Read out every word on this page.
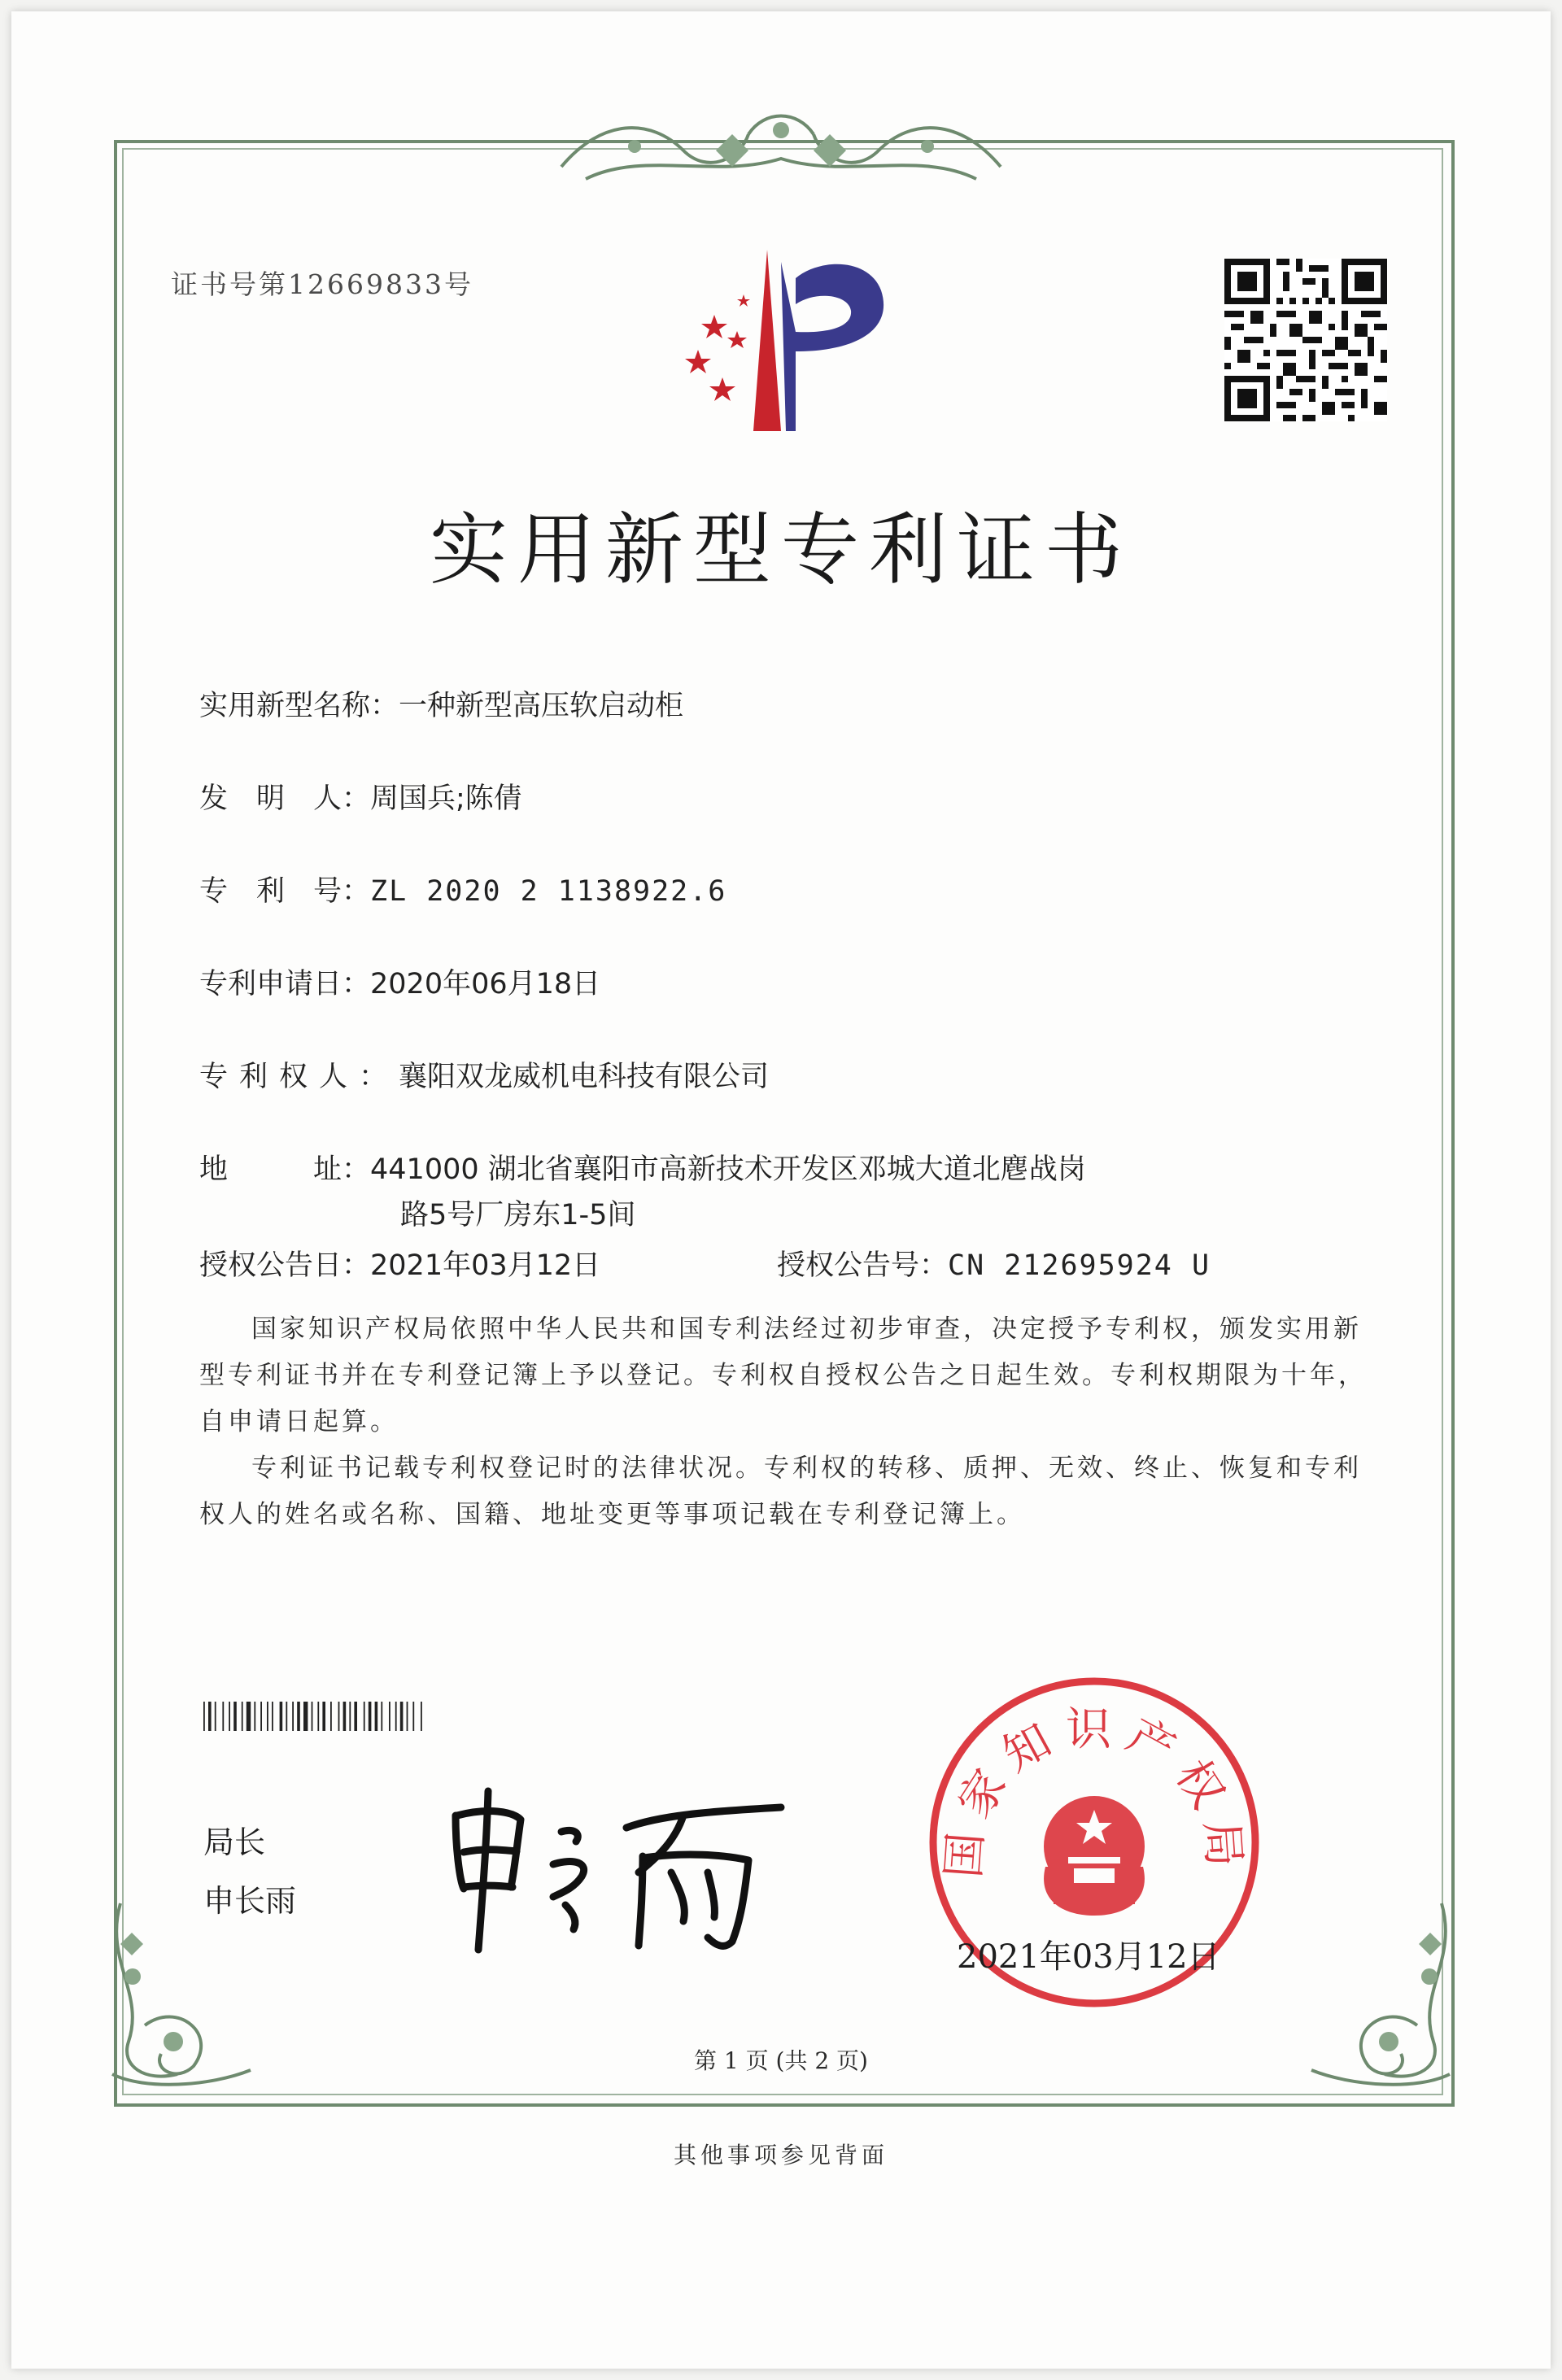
证书号第12669833号
实用新型专利证书
实用新型名称：一种新型高压软启动柜
发　明　人：周国兵;陈倩
专　利　号：ZL 2020 2 1138922.6
专利申请日：2020年06月18日
专利权人：襄阳双龙威机电科技有限公司
地　　　址：441000 湖北省襄阳市高新技术开发区邓城大道北麀战岗
路5号厂房东1-5间
授权公告日：2021年03月12日	授权公告号：CN 212695924 U

国家知识产权局依照中华人民共和国专利法经过初步审查，决定授予专利权，颁发实用新型专利证书并在专利登记簿上予以登记。专利权自授权公告之日起生效。专利权期限为十年，自申请日起算。

专利证书记载专利权登记时的法律状况。专利权的转移、质押、无效、终止、恢复和专利权人的姓名或名称、国籍、地址变更等事项记载在专利登记簿上。

局长
申长雨
国家知识产权局
2021年03月12日
第 1 页 (共 2 页)
其他事项参见背面
